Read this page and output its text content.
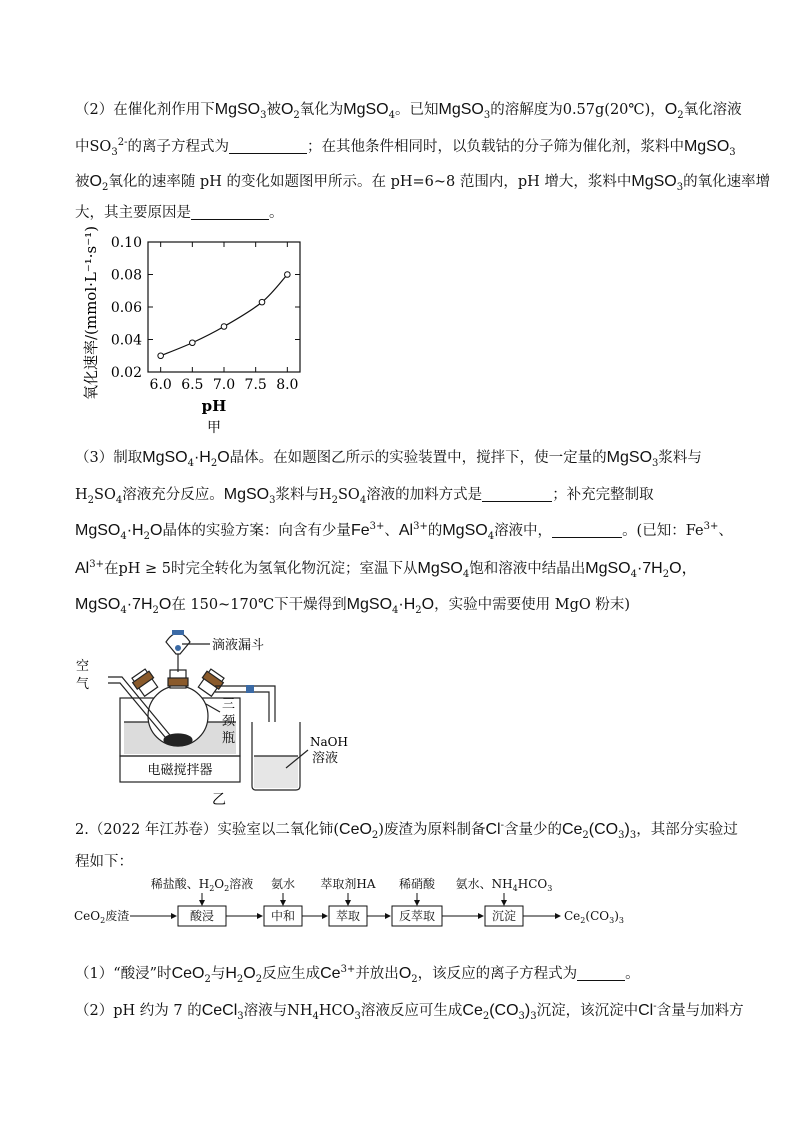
（2）在催化剂作用下MgSO$_3$被$O_2$氧化为MgSO$_4$。已知MgSO$_3$的溶解度为0.57g(20℃)，$O_2$氧化溶液
中$SO_3^{2-}$的离子方程式为	；在其他条件相同时，以负载钴的分子筛为催化剂，浆料中MgSO$_3$
被$O_2$氧化的速率随 pH 的变化如题图甲所示。在 pH=6~8 范围内，pH 增大，浆料中MgSO$_3$的氧化速率增
大，其主要原因是	。
6.0 6.5 7.0 7.5 8.0
0.02
0.04
0.06
0.08
0.10
氧化速率/(mmol·L⁻¹·s⁻¹)
pH
甲
（3）制取$MgSO_4\cdot H_2O$晶体。在如题图乙所示的实验装置中，搅拌下，使一定量的MgSO$_3$浆料与
$H_2SO_4$溶液充分反应。MgSO$_3$浆料与$H_2SO_4$溶液的加料方式是	；补充完整制取
$MgSO_4\cdot H_2O$晶体的实验方案：向含有少量$Fe^{3+}$、$Al^{3+}$的MgSO$_4$溶液中，	。(已知：$Fe^{3+}$、
$Al^{3+}$在pH ≥ 5时完全转化为氢氧化物沉淀；室温下从MgSO$_4$饱和溶液中结晶出$MgSO_4\cdot 7H_2O$，
$MgSO_4\cdot 7H_2O$在 150~170℃下干燥得到$MgSO_4\cdot H_2O$，实验中需要使用 MgO 粉末)
滴液漏斗
空
气
三
颈
瓶	NaOH
溶液
电磁搅拌器
乙
2.（2022 年江苏卷）实验室以二氧化铈(CeO$_2$)废渣为原料制备Cl-含量少的$Ce_2(CO_3)_3$，其部分实验过
程如下：
稀盐酸、$H_2O_2$溶液 氨水 萃取剂HA 稀硝酸 氨水、$NH_4HCO_3$
CeO$_2$废渣	酸浸	中和	萃取	反萃取	沉淀	$Ce_2(CO_3)_3$
（1）“酸浸”时CeO$_2$与$H_2O_2$反应生成$Ce^{3+}$并放出$O_2$，该反应的离子方程式为	。
（2）pH 约为 7 的CeCl$_3$溶液与$NH_4HCO_3$溶液反应可生成$Ce_2(CO_3)_3$沉淀，该沉淀中Cl-含量与加料方
